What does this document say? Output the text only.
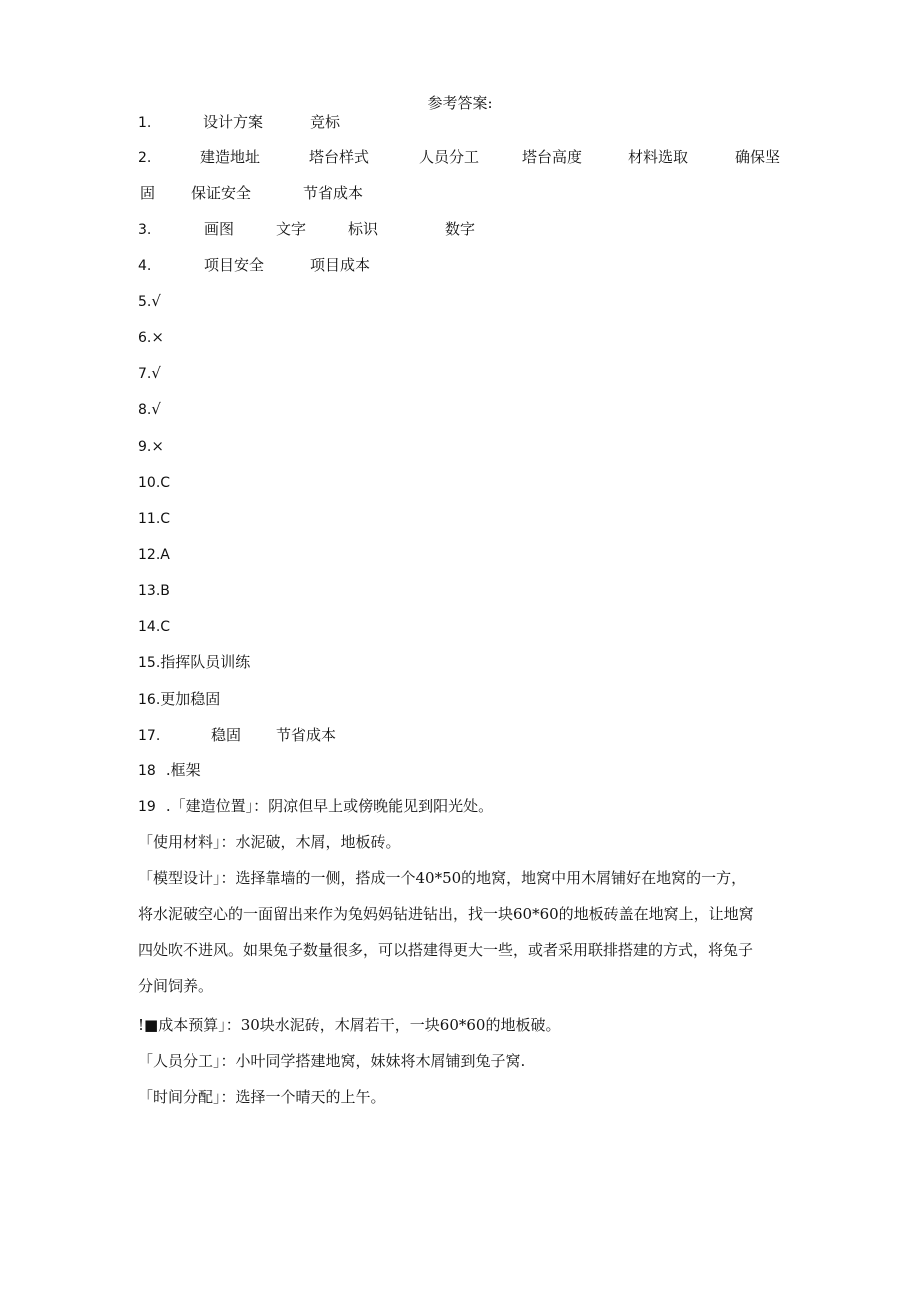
参考答案:
1.	设计方案	竞标
2.	建造地址	塔台样式	人员分工	塔台高度	材料选取	确保坚
固 保证安全	节省成本
3.	画图	文字	标识	数字
4.	项目安全	项目成本
5.√
6.×
7.√
8.√
9.×
10.C
11.C
12.A
13.B
14.C
15.指挥队员训练
16.更加稳固
17.	稳固 节省成本
18 .框架
19 .「建造位置」：阴凉但早上或傍晚能见到阳光处。
「使用材料」：水泥破，木屑，地板砖。
「模型设计」：选择靠墙的一侧，搭成一个40*50的地窝，地窝中用木屑铺好在地窝的一方，
将水泥破空心的一面留出来作为兔妈妈钻进钻出，找一块60*60的地板砖盖在地窝上，让地窝
四处吹不进风。如果兔子数量很多，可以搭建得更大一些，或者采用联排搭建的方式，将兔子
分间饲养。
!■成本预算」：30块水泥砖，木屑若干，一块60*60的地板破。
「人员分工」：小叶同学搭建地窝，妹妹将木屑铺到兔子窝.
「时间分配」：选择一个晴天的上午。
